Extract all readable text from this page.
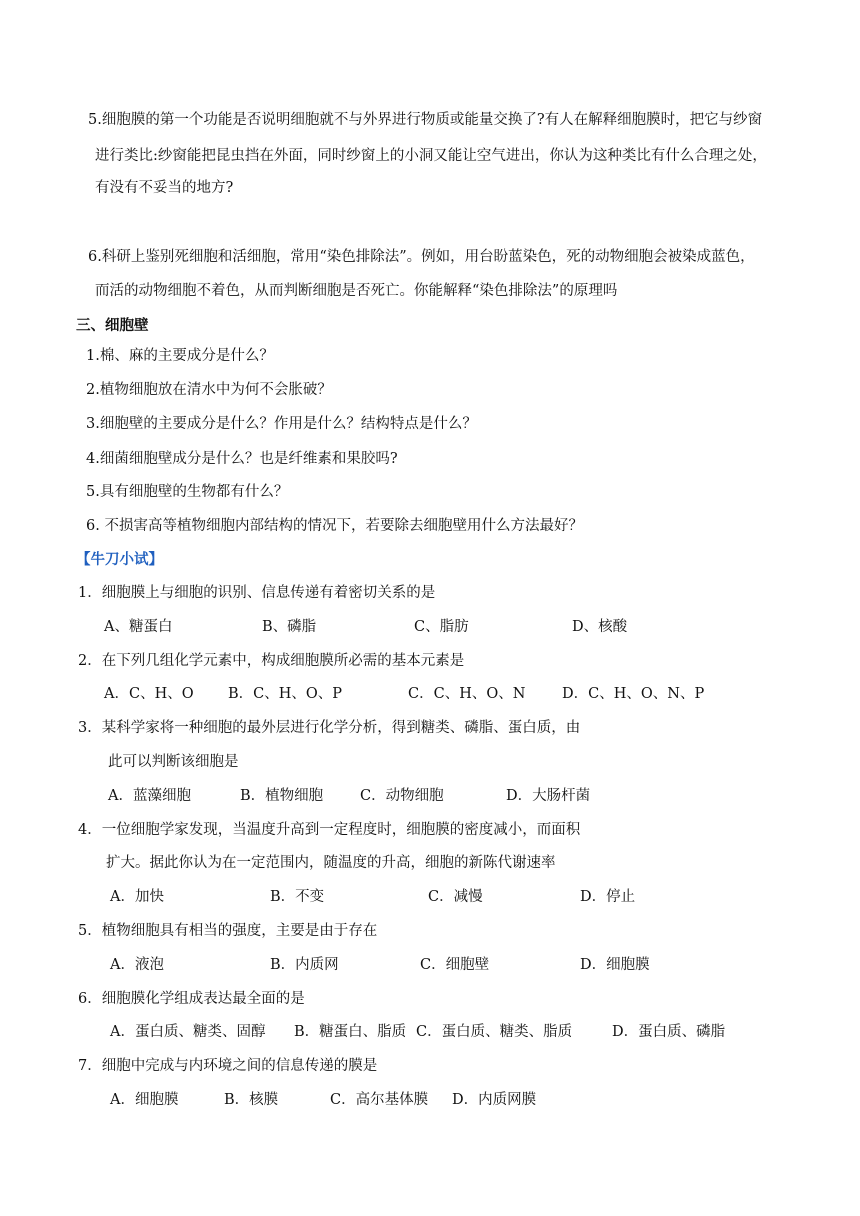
5.细胞膜的第一个功能是否说明细胞就不与外界进行物质或能量交换了?有人在解释细胞膜时，把它与纱窗
进行类比:纱窗能把昆虫挡在外面，同时纱窗上的小洞又能让空气进出，你认为这种类比有什么合理之处，
有没有不妥当的地方?
6.科研上鉴别死细胞和活细胞，常用“染色排除法”。例如，用台盼蓝染色，死的动物细胞会被染成蓝色，
而活的动物细胞不着色，从而判断细胞是否死亡。你能解释“染色排除法”的原理吗
三、细胞壁
1.棉、麻的主要成分是什么？
2.植物细胞放在清水中为何不会胀破？
3.细胞壁的主要成分是什么？作用是什么？结构特点是什么？
4.细菌细胞壁成分是什么？也是纤维素和果胶吗?
5.具有细胞壁的生物都有什么？
6. 不损害高等植物细胞内部结构的情况下，若要除去细胞壁用什么方法最好？
【牛刀小试】
1．细胞膜上与细胞的识别、信息传递有着密切关系的是
A、糖蛋白	B、磷脂	C、脂肪	D、核酸
2．在下列几组化学元素中，构成细胞膜所必需的基本元素是
A．C、H、O B．C、H、O、P	C．C、H、O、N	D．C、H、O、N、P
3．某科学家将一种细胞的最外层进行化学分析，得到糖类、磷脂、蛋白质，由
此可以判断该细胞是
A．蓝藻细胞	B．植物细胞	C．动物细胞	D．大肠杆菌
4．一位细胞学家发现，当温度升高到一定程度时，细胞膜的密度减小，而面积
扩大。据此你认为在一定范围内，随温度的升高，细胞的新陈代谢速率
A．加快	B．不变	C．减慢	D．停止
5．植物细胞具有相当的强度，主要是由于存在
A．液泡	B．内质网	C．细胞壁	D．细胞膜
6．细胞膜化学组成表达最全面的是
A．蛋白质、糖类、固醇 B．糖蛋白、脂质 C．蛋白质、糖类、脂质	D．蛋白质、磷脂
7．细胞中完成与内环境之间的信息传递的膜是
A．细胞膜	B．核膜	C．高尔基体膜 D．内质网膜
